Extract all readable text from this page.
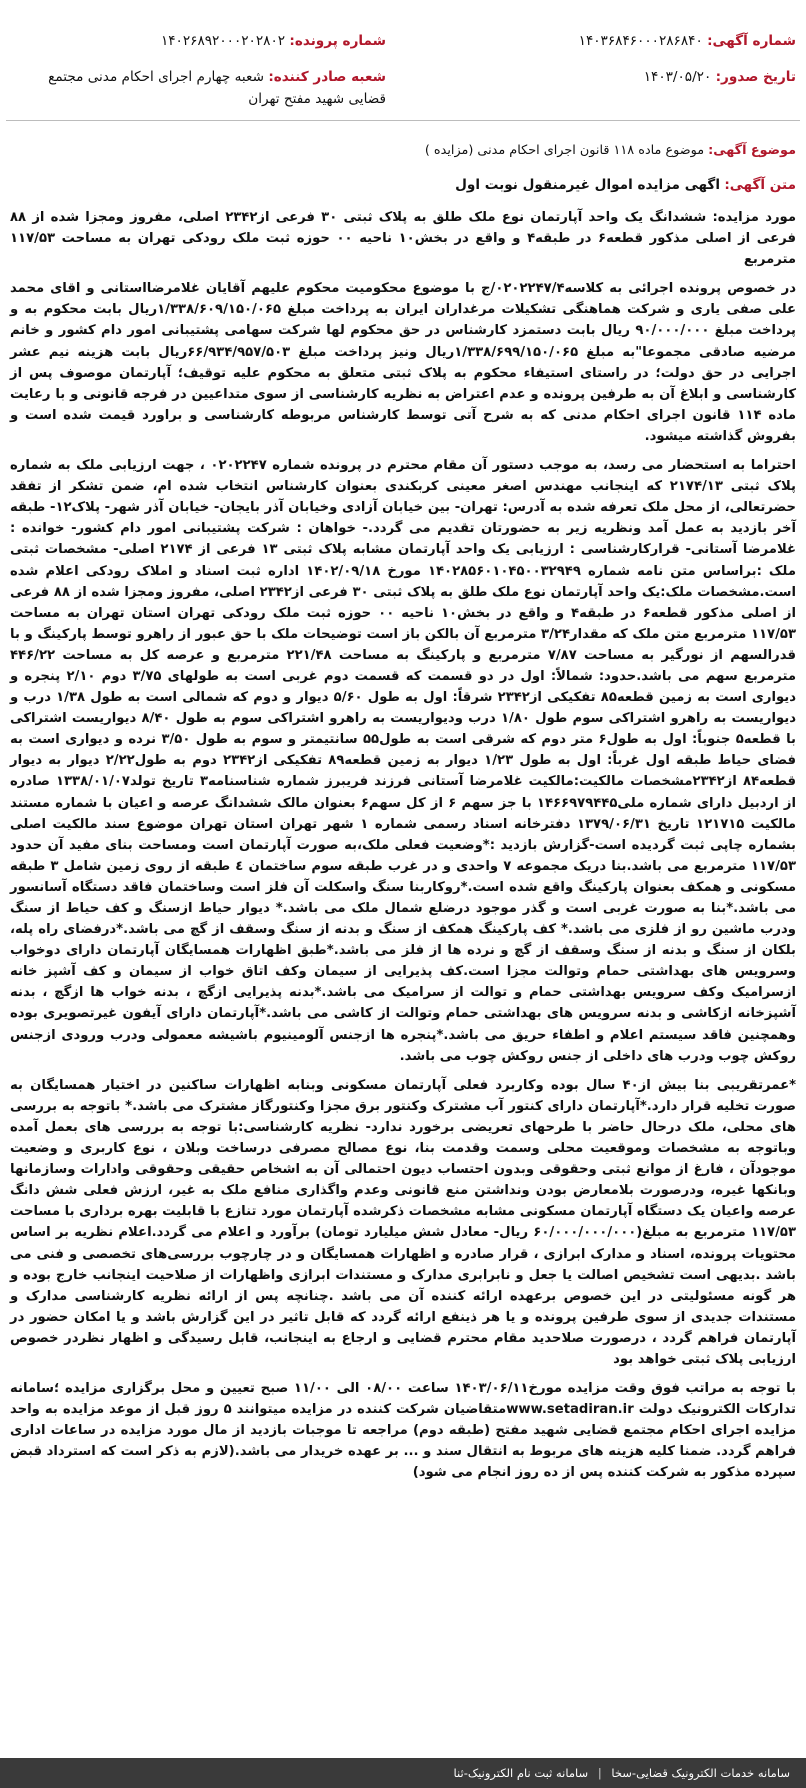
شماره آگهی: ۱۴۰۳۶۸۴۶۰۰۰۲۸۶۸۴۰
شماره پرونده: ۱۴۰۲۶۸۹۲۰۰۰۲۰۲۸۰۲
تاریخ صدور: ۱۴۰۳/۰۵/۲۰
شعبه صادر کننده: شعبه چهارم اجرای احکام مدنی مجتمع قضایی شهید مفتح تهران
موضوع آگهی: موضوع ماده ۱۱۸ قانون اجرای احکام مدنی (مزایده )
متن آگهی: اگهی مزایده اموال غیرمنقول نوبت اول

مورد مزایده: ششدانگ یک واحد آپارتمان نوع ملک طلق به پلاک ثبتی ۳۰ فرعی از۲۳۴۲ اصلی، مفروز ومجزا شده از ۸۸ فرعی از اصلی مذکور قطعه۶ در طبقه۴ و واقع در بخش۱۰ ناحیه ۰۰ حوزه ثبت ملک رودکی تهران به مساحت ۱۱۷/۵۳ مترمربع

در خصوص پرونده اجرائی به کلاسه۰۲۰۲۲۴۷/۴/ج با موضوع محکومیت محکوم علیهم آقایان غلامرضااستانی و اقای محمد علی صفی یاری و شرکت هماهنگی تشکیلات مرغداران ایران به پرداخت مبلغ ۱/۳۳۸/۶۰۹/۱۵۰/۰۶۵ریال بابت محکوم به و پرداخت مبلغ ۹۰/۰۰۰/۰۰۰ ریال بابت دستمزد کارشناس در حق محکوم لها شرکت سهامی پشتیبانی امور دام کشور و خانم مرضیه صادقی مجموعا"به مبلغ ۱/۳۳۸/۶۹۹/۱۵۰/۰۶۵ریال ونیز پرداخت مبلغ ۶۶/۹۳۴/۹۵۷/۵۰۳ریال بابت هزینه نیم عشر اجرایی در حق دولت؛ در راستای استیفاء محکوم به پلاک ثبتی متعلق به محکوم علیه توقیف؛ آپارتمان موصوف پس از کارشناسی و ابلاغ آن به طرفین پرونده و عدم اعتراض به نظریه کارشناسی از سوی متداعیین در فرجه قانونی و با رعایت ماده ۱۱۴ قانون اجرای احکام مدنی که به شرح آتی توسط کارشناس مربوطه کارشناسی و براورد قیمت شده است و بفروش گذاشته میشود.

احتراما به استحضار می رسد، به موجب دستور آن مقام محترم در پرونده شماره ۰۲۰۲۲۴۷ ، جهت ارزیابی ملک به شماره پلاک ثبتی ۲۱۷۴/۱۳ که اینجانب مهندس اصغر معینی کربکندی بعنوان کارشناس انتخاب شده ام، ضمن تشکر از تفقد حضرتعالی، از محل ملک تعرفه شده به آدرس: تهران- بین خیابان آزادی وخیابان آذر بایجان- خیابان آذر شهر- پلاک۱۲- طبقه آخر بازدید به عمل آمد ونظریه زیر به حضورتان تقدیم می گردد.- خواهان : شرکت پشتیبانی امور دام کشور- خوانده : غلامرضا آستانی- قرارکارشناسی : ارزیابی یک واحد آپارتمان مشابه پلاک ثبتی ۱۳ فرعی از ۲۱۷۴ اصلی- مشخصات ثبتی ملک :براساس متن نامه شماره ۱۴۰۲۸۵۶۰۱۰۴۵۰۰۳۲۹۴۹ مورخ ۱۴۰۲/۰۹/۱۸ اداره ثبت اسناد و املاک رودکی اعلام شده است.مشخصات ملک:یک واحد آپارتمان نوع ملک طلق به پلاک ثبتی ۳۰ فرعی از۲۳۴۲ اصلی، مفروز ومجزا شده از ۸۸ فرعی از اصلی مذکور قطعه۶ در طبقه۴ و واقع در بخش۱۰ ناحیه ۰۰ حوزه ثبت ملک رودکی تهران استان تهران به مساحت ۱۱۷/۵۳ مترمربع متن ملک که مقدار۳/۲۴ مترمربع آن بالکن باز است توضیحات ملک با حق عبور از راهرو توسط پارکینگ و با قدرالسهم از نورگیر به مساحت ۷/۸۷ مترمربع و پارکینگ به مساحت ۲۲۱/۴۸ مترمربع و عرصه کل به مساحت ۴۴۶/۲۲ مترمربع سهم می باشد.حدود: شمالاً: اول در دو قسمت که قسمت دوم غربی است به طولهای ۳/۷۵ دوم ۲/۱۰ پنجره و دیواری است به زمین قطعه۸۵ تفکیکی از۲۳۴۲ شرقاً: اول به طول ۵/۶۰ دیوار و دوم که شمالی است به طول ۱/۳۸ درب و دیواریست به راهرو اشتراکی سوم طول ۱/۸۰ درب ودیواریست به راهرو اشتراکی سوم به طول ۸/۴۰ دیواریست اشتراکی با قطعه۵ جنوباً: اول به طول۶ متر دوم که شرقی است به طول۵۵ سانتیمتر و سوم به طول ۳/۵۰ نرده و دیواری است به فضای حیاط طبقه اول غرباً: اول به طول ۱/۲۳ دیوار به زمین قطعه۸۹ تفکیکی از۲۳۴۲ دوم به طول۲/۲۲ دیوار به دیوار قطعه۸۴ از۲۳۴۲مشخصات مالکیت:مالکیت غلامرضا آستانی فرزند فریبرز شماره شناسنامه۳ تاریخ تولد۱۳۳۸/۰۱/۰۷ صادره از اردبیل دارای شماره ملی۱۴۶۶۹۷۹۴۴۵ با جز سهم ۶ از کل سهم۶ بعنوان مالک ششدانگ عرصه و اعیان با شماره مستند مالکیت ۱۲۱۷۱۵ تاریخ ۱۳۷۹/۰۶/۳۱ دفترخانه اسناد رسمی شماره ۱ شهر تهران استان تهران موضوع سند مالکیت اصلی بشماره چاپی ثبت گردیده است-گزارش بازدید :*وضعیت فعلی ملک،به صورت آپارتمان است ومساحت بنای مفید آن حدود ۱۱۷/۵۳ مترمربع می باشد.بنا دریک مجموعه ۷ واحدی و در غرب طبقه سوم ساختمان ٤ طبقه از روی زمین شامل ۳ طبقه مسکونی و همکف بعنوان پارکینگ واقع شده است.*روکاربنا سنگ واسکلت آن فلز است وساختمان فاقد دستگاه آسانسور می باشد.*بنا به صورت غربی است و گذر موجود درضلع شمال ملک می باشد.* دیوار حیاط ازسنگ و کف حیاط از سنگ ودرب ماشین رو از فلزی می باشد.* کف پارکینگ همکف از سنگ و بدنه از سنگ وسقف از گچ می باشد.*درفضای راه پله، بلکان از سنگ و بدنه از سنگ وسقف از گچ و نرده ها از فلز می باشد.*طبق اظهارات همسایگان آپارتمان دارای دوخواب وسرویس های بهداشتی حمام وتوالت مجزا است.کف پذیرایی از سیمان وکف اتاق خواب از سیمان و کف آشپز خانه ازسرامیک وکف سرویس بهداشتی حمام و توالت از سرامیک می باشد.*بدنه پذیرایی ازگچ ، بدنه خواب ها ازگچ ، بدنه آشپزخانه ازکاشی و بدنه سرویس های بهداشتی حمام وتوالت از کاشی می باشد.*آپارتمان دارای آیفون غیرتصویری بوده وهمچنین فاقد سیستم اعلام و اطفاء حریق می باشد.*پنجره ها ازجنس آلومینیوم باشیشه معمولی ودرب ورودی ازجنس روکش چوب ودرب های داخلی از جنس روکش چوب می باشد.

*عمرتقریبی بنا بیش از۴۰ سال بوده وکاربرد فعلی آپارتمان مسکونی وبنابه اظهارات ساکنین در اختیار همسایگان به صورت تخلیه قرار دارد.*آپارتمان دارای کنتور آب مشترک وکنتور برق مجزا وکنتورگاز مشترک می باشد.* باتوجه به بررسی های محلی، ملک درحال حاضر با طرحهای تعریضی برخورد ندارد- نظریه کارشناسی:با توجه به بررسی های بعمل آمده وباتوجه به مشخصات وموقعیت محلی وسمت وقدمت بنا، نوع مصالح مصرفی درساخت وبلان ، نوع کاربری و وضعیت موجودآن ، فارغ از موانع ثبتی وحقوقی وبدون احتساب دیون احتمالی آن به اشخاص حقیقی وحقوقی وادارات وسازمانها وبانکها غیره، ودرصورت بلامعارض بودن ونداشتن منع قانونی وعدم واگذاری منافع ملک به غیر، ارزش فعلی شش دانگ عرصه واعیان یک دستگاه آپارتمان مسکونی مشابه مشخصات ذکرشده آپارتمان مورد تنازع با قابلیت بهره برداری با مساحت ۱۱۷/۵۳ مترمربع به مبلغ(۶۰/۰۰۰/۰۰۰/۰۰۰ ریال- معادل شش میلیارد تومان) برآورد و اعلام می گردد.اعلام نظریه بر اساس محتویات پرونده، اسناد و مدارک ابرازی ، قرار صادره و اظهارات همسایگان و در چارچوب بررسی‌های تخصصی و فنی می باشد .بدیهی است تشخیص اصالت یا جعل و نابرابری مدارک و مستندات ابرازی واظهارات از صلاحیت اینجانب خارج بوده و هر گونه مسئولیتی در این خصوص برعهده ارائه کننده آن می باشد .چنانچه پس از ارائه نظریه کارشناسی مدارک و مستندات جدیدی از سوی طرفین پرونده و یا هر ذینفع ارائه گردد که قابل تاثیر در این گزارش باشد و یا امکان حضور در آپارتمان فراهم گردد ، درصورت صلاحدید مقام محترم قضایی و ارجاع به اینجانب، قابل رسیدگی و اظهار نظردر خصوص ارزیابی پلاک ثبتی خواهد بود

با توجه به مراتب فوق وقت مزایده مورخ۱۴۰۳/۰۶/۱۱ ساعت ۰۸/۰۰ الی ۱۱/۰۰ صبح تعیین و محل برگزاری مزایده ؛سامانه تدارکات الکترونیک دولت www.setadiran.irمتقاضیان شرکت کننده در مزایده میتوانند ۵ روز قبل از موعد مزایده به واحد مزایده اجرای احکام مجتمع قضایی شهید مفتح (طبقه دوم) مراجعه تا موجبات بازدید از مال مورد مزایده در ساعات اداری فراهم گردد. ضمنا کلیه هزینه های مربوط به انتقال سند و ... بر عهده خریدار می باشد.(لازم به ذکر است که استرداد قبض سپرده مذکور به شرکت کننده پس از ده روز انجام می شود)

سامانه خدمات الکترونیک قضایی-سخا | سامانه ثبت نام الکترونیک-ثنا
